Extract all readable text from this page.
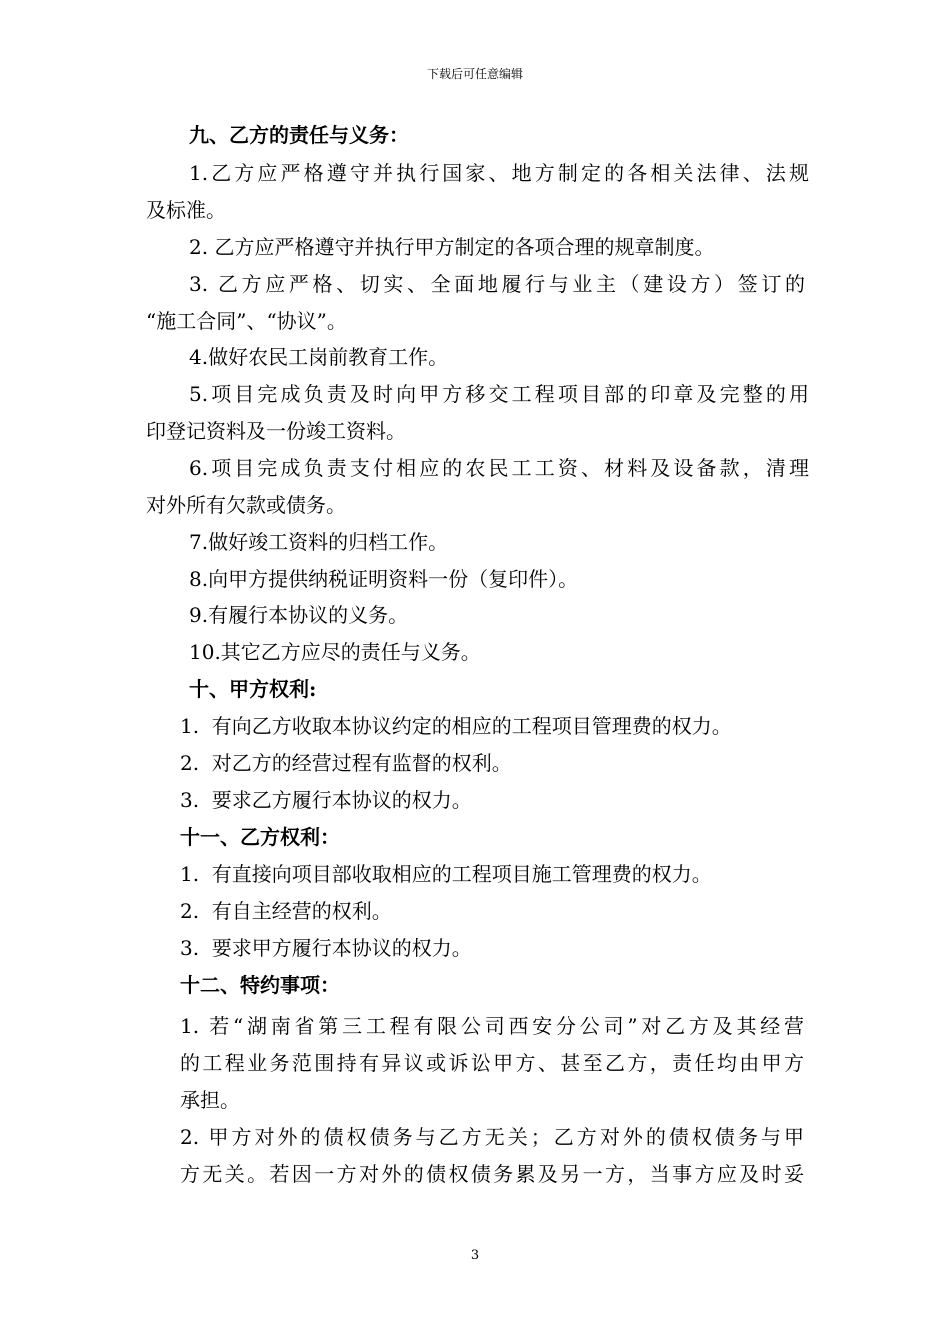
下载后可任意编辑
九、乙方的责任与义务：
1.乙方应严格遵守并执行国家、地方制定的各相关法律、法规
及标准。
2. 乙方应严格遵守并执行甲方制定的各项合理的规章制度。
3. 乙方应严格、切实、全面地履行与业主（建设方）签订的
“施工合同”、“协议”。
4.做好农民工岗前教育工作。
5.项目完成负责及时向甲方移交工程项目部的印章及完整的用
印登记资料及一份竣工资料。
6.项目完成负责支付相应的农民工工资、材料及设备款，清理
对外所有欠款或债务。
7.做好竣工资料的归档工作。
8.向甲方提供纳税证明资料一份（复印件）。
9.有履行本协议的义务。
10.其它乙方应尽的责任与义务。
十、甲方权利:
1.  有向乙方收取本协议约定的相应的工程项目管理费的权力。
2.  对乙方的经营过程有监督的权利。
3.  要求乙方履行本协议的权力。
十一、乙方权利：
1.  有直接向项目部收取相应的工程项目施工管理费的权力。
2.  有自主经营的权利。
3.  要求甲方履行本协议的权力。
十二、特约事项：
1. 若“湖南省第三工程有限公司西安分公司”对乙方及其经营
的工程业务范围持有异议或诉讼甲方、甚至乙方，责任均由甲方
承担。
2. 甲方对外的债权债务与乙方无关；乙方对外的债权债务与甲
方无关。若因一方对外的债权债务累及另一方，当事方应及时妥
3
